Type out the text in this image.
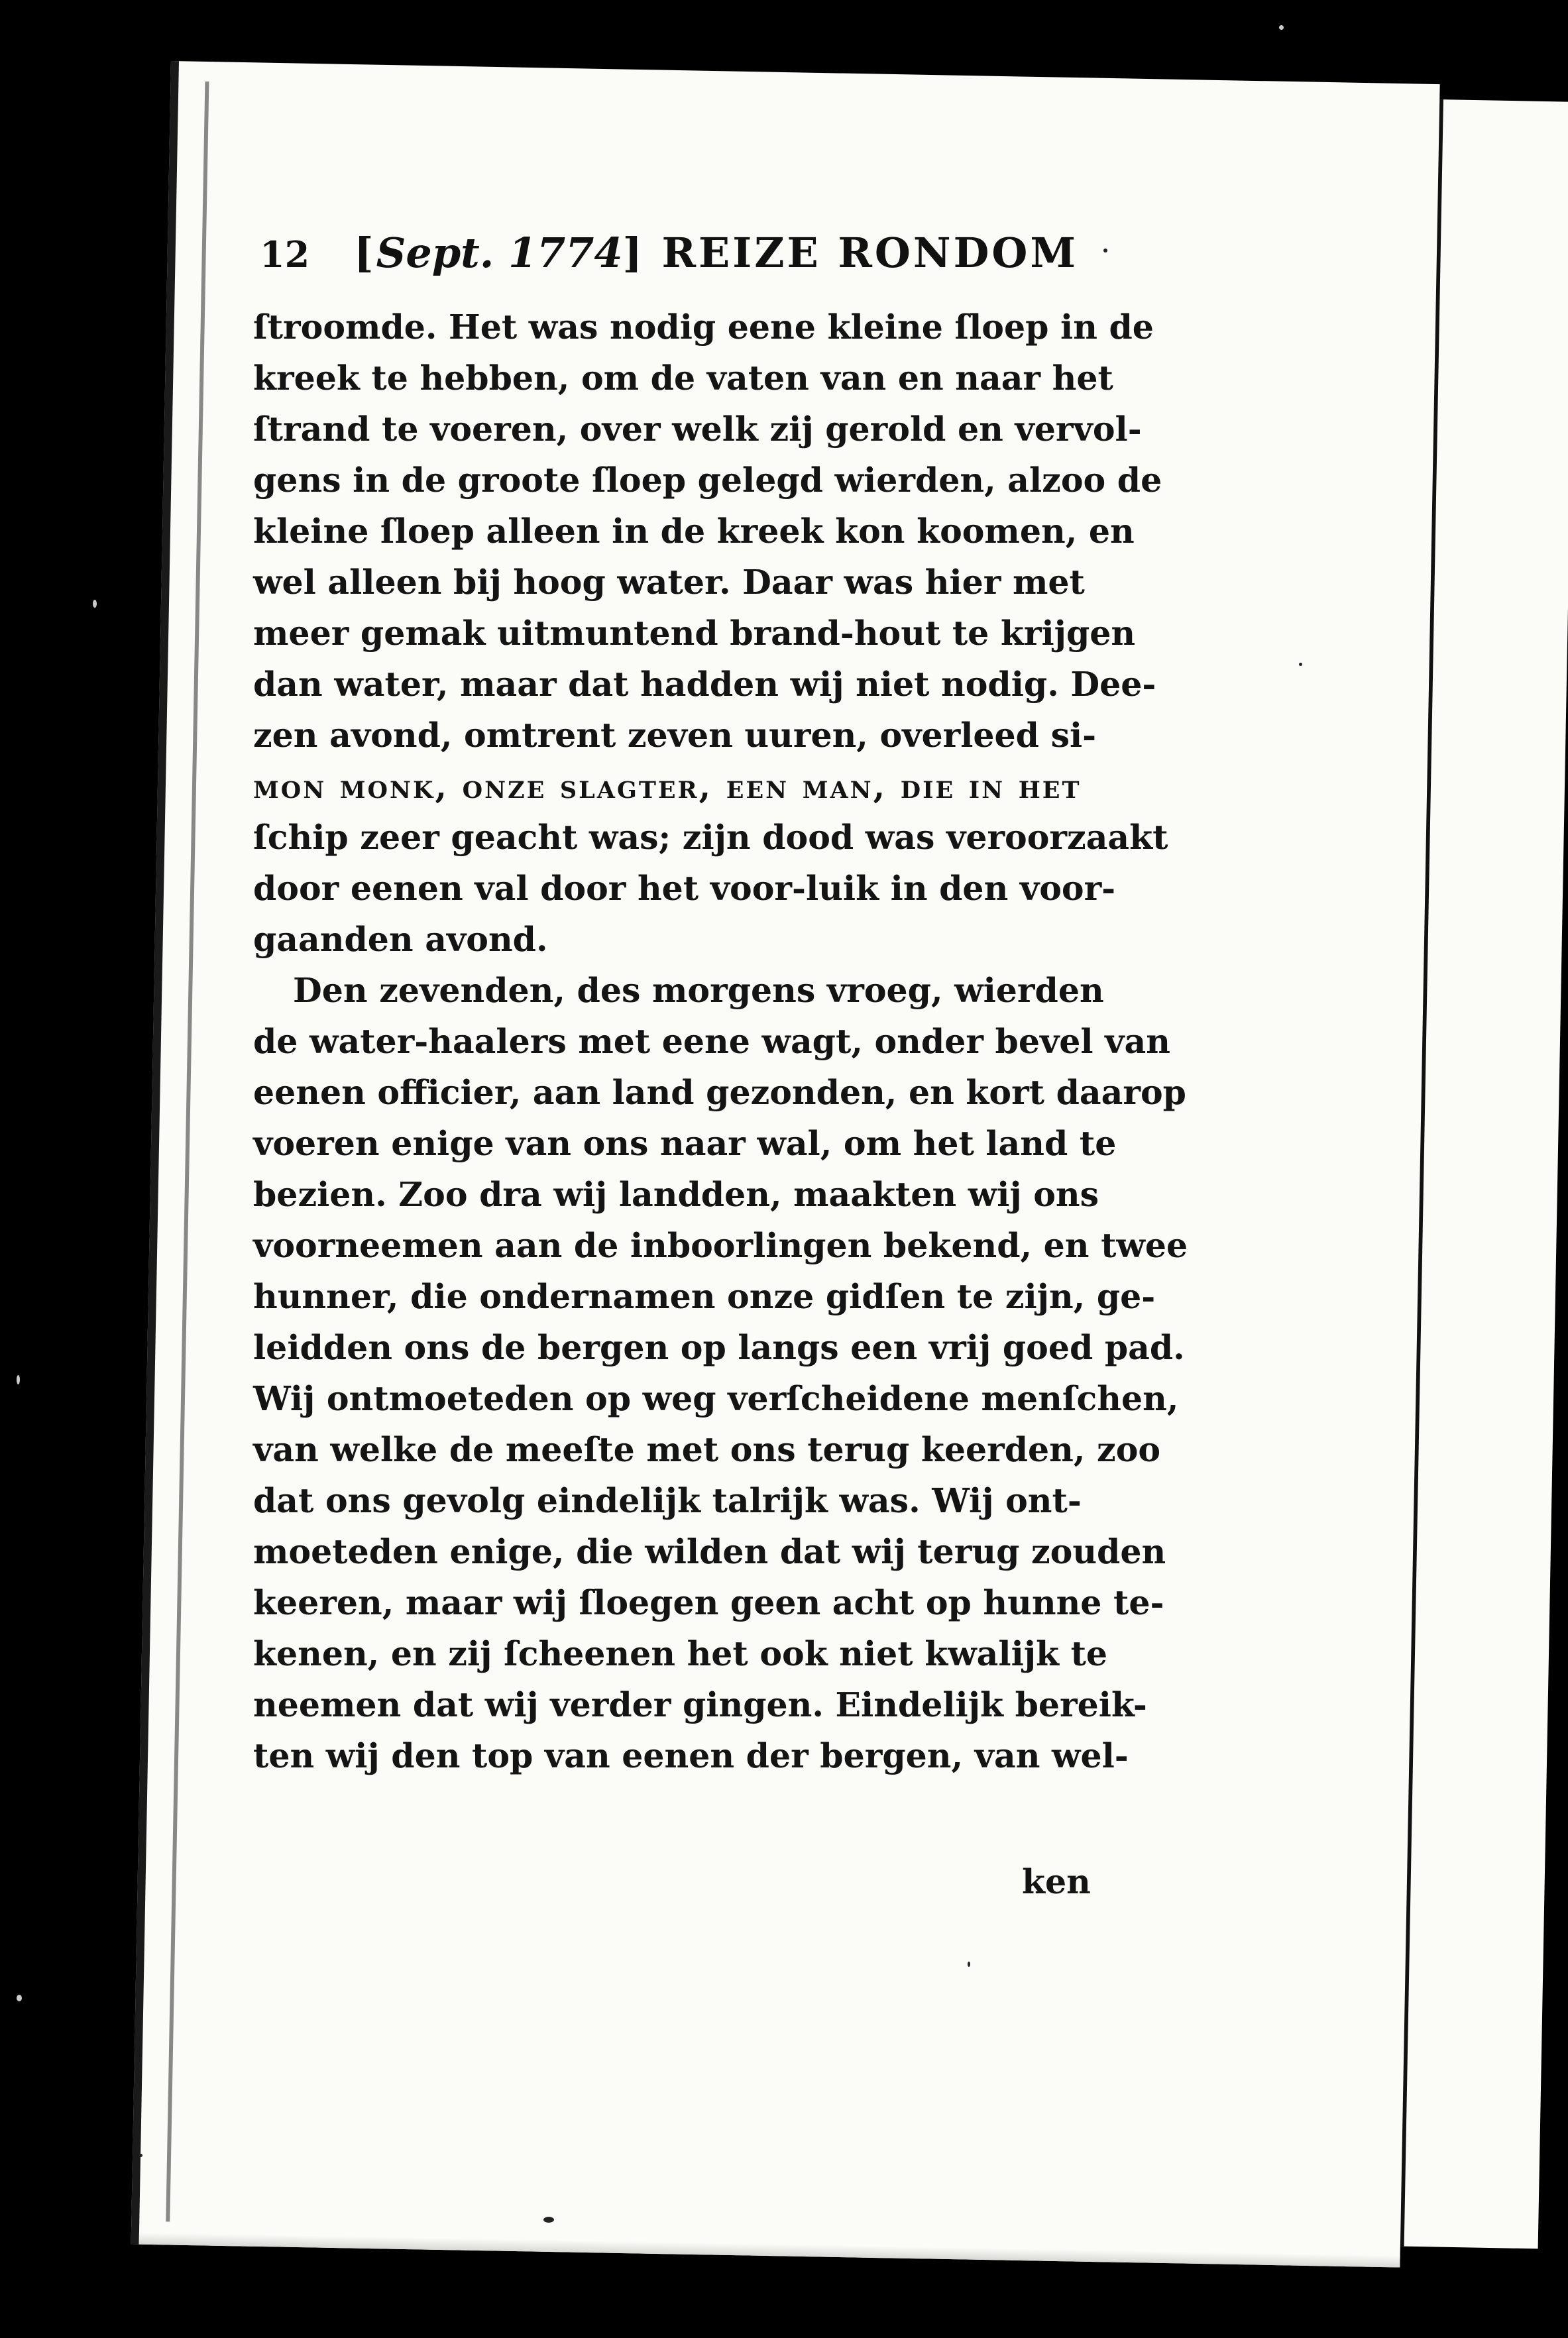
12 [Sept. 1774] REIZE RONDOM
ſtroomde. Het was nodig eene kleine ſloep in de
kreek te hebben, om de vaten van en naar het
ſtrand te voeren, over welk zij gerold en vervol-
gens in de groote ſloep gelegd wierden, alzoo de
kleine ſloep alleen in de kreek kon koomen, en
wel alleen bij hoog water. Daar was hier met
meer gemak uitmuntend brand-hout te krijgen
dan water, maar dat hadden wij niet nodig. Dee-
zen avond, omtrent zeven uuren, overleed si-
mon monk, onze ſlagter, een man, die in het
ſchip zeer geacht was; zijn dood was veroorzaakt
door eenen val door het voor-luik in den voor-
gaanden avond.
Den zevenden, des morgens vroeg, wierden
de water-haalers met eene wagt, onder bevel van
eenen officier, aan land gezonden, en kort daarop
voeren enige van ons naar wal, om het land te
bezien. Zoo dra wij landden, maakten wij ons
voorneemen aan de inboorlingen bekend, en twee
hunner, die ondernamen onze gidſen te zijn, ge-
leidden ons de bergen op langs een vrij goed pad.
Wij ontmoeteden op weg verſcheidene menſchen,
van welke de meeſte met ons terug keerden, zoo
dat ons gevolg eindelijk talrijk was. Wij ont-
moeteden enige, die wilden dat wij terug zouden
keeren, maar wij ſloegen geen acht op hunne te-
kenen, en zij ſcheenen het ook niet kwalijk te
neemen dat wij verder gingen. Eindelijk bereik-
ten wij den top van eenen der bergen, van wel-
ken
